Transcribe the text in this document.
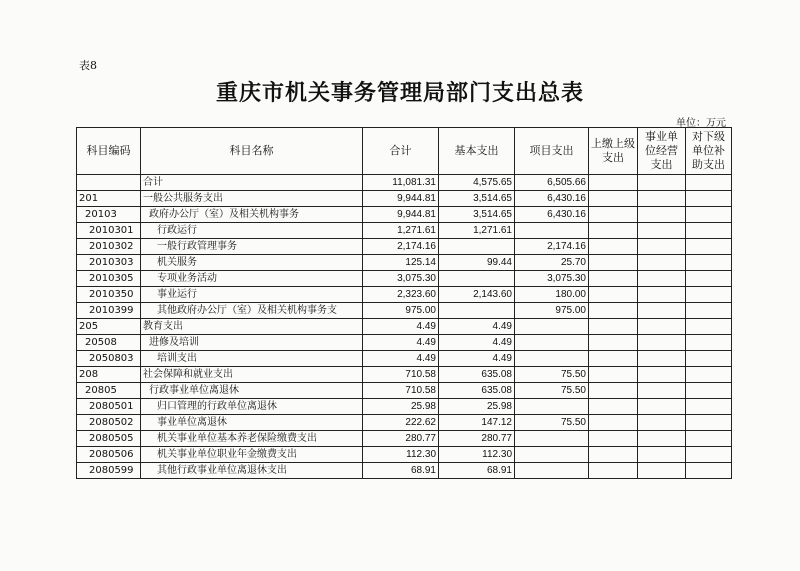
表8
重庆市机关事务管理局部门支出总表
单位：万元
科目编码	科目名称	合计	基本支出	项目支出	上缴上级支出	事业单位经营支出	对下级单位补助支出
	合计	11,081.31	4,575.65	6,505.66			
201	一般公共服务支出	9,944.81	3,514.65	6,430.16			
20103	政府办公厅（室）及相关机构事务	9,944.81	3,514.65	6,430.16			
2010301	行政运行	1,271.61	1,271.61				
2010302	一般行政管理事务	2,174.16		2,174.16			
2010303	机关服务	125.14	99.44	25.70			
2010305	专项业务活动	3,075.30		3,075.30			
2010350	事业运行	2,323.60	2,143.60	180.00			
2010399	其他政府办公厅（室）及相关机构事务支	975.00		975.00			
205	教育支出	4.49	4.49				
20508	进修及培训	4.49	4.49				
2050803	培训支出	4.49	4.49				
208	社会保障和就业支出	710.58	635.08	75.50			
20805	行政事业单位离退休	710.58	635.08	75.50			
2080501	归口管理的行政单位离退休	25.98	25.98				
2080502	事业单位离退休	222.62	147.12	75.50			
2080505	机关事业单位基本养老保险缴费支出	280.77	280.77				
2080506	机关事业单位职业年金缴费支出	112.30	112.30				
2080599	其他行政事业单位离退休支出	68.91	68.91				
